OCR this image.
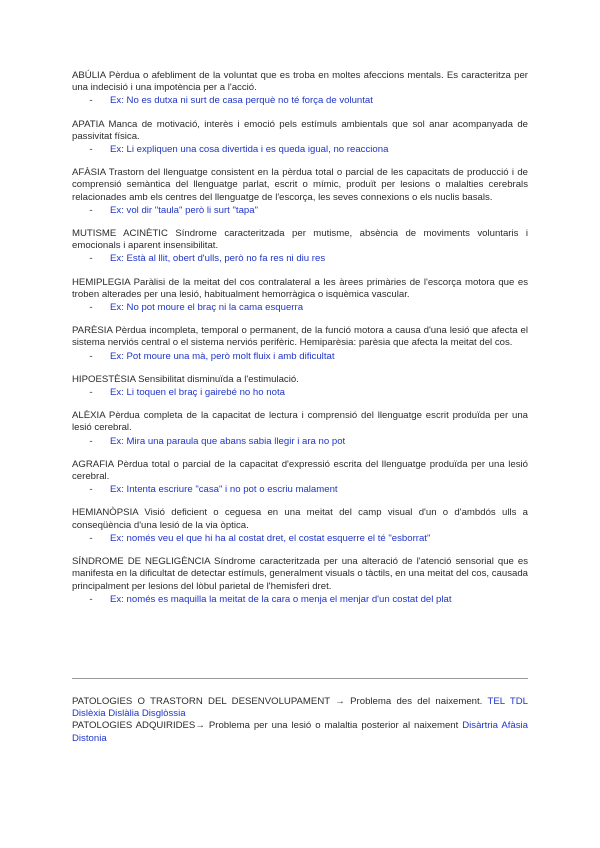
ABÚLIA Pèrdua o afebliment de la voluntat que es troba en moltes afeccions mentals. Es caracteritza per una indecisió i una impotència per a l'acció.

-	Ex: No es dutxa ni surt de casa perquè no té força de voluntat

APATIA Manca de motivació, interès i emoció pels estímuls ambientals que sol anar acompanyada de passivitat física.

-	Ex: Li expliquen una cosa divertida i es queda igual, no reacciona

AFÀSIA Trastorn del llenguatge consistent en la pèrdua total o parcial de les capacitats de producció i de comprensió semàntica del llenguatge parlat, escrit o mímic, produït per lesions o malalties cerebrals relacionades amb els centres del llenguatge de l'escorça, les seves connexions o els nuclis basals.

-	Ex: vol dir "taula" però li surt "tapa"

MUTISME ACINÈTIC Síndrome caracteritzada per mutisme, absència de moviments voluntaris i emocionals i aparent insensibilitat.

-	Ex: Està al llit, obert d'ulls, però no fa res ni diu res

HEMIPLEGIA Paràlisi de la meitat del cos contralateral a les àrees primàries de l'escorça motora que es troben alterades per una lesió, habitualment hemorràgica o isquèmica vascular.

-	Ex: No pot moure el braç ni la cama esquerra

PARÈSIA Pèrdua incompleta, temporal o permanent, de la funció motora a causa d'una lesió que afecta el sistema nerviós central o el sistema nerviós perifèric. Hemiparèsia: parèsia que afecta la meitat del cos.

-	Ex: Pot moure una mà, però molt fluix i amb dificultat

HIPOESTÈSIA Sensibilitat disminuïda a l'estimulació.

-	Ex: Li toquen el braç i gairebé no ho nota

ALÈXIA Pèrdua completa de la capacitat de lectura i comprensió del llenguatge escrit produïda per una lesió cerebral.

-	Ex: Mira una paraula que abans sabia llegir i ara no pot

AGRAFIA Pèrdua total o parcial de la capacitat d'expressió escrita del llenguatge produïda per una lesió cerebral.

-	Ex: Intenta escriure "casa" i no pot o escriu malament

HEMIANÒPSIA Visió deficient o ceguesa en una meitat del camp visual d'un o d'ambdós ulls a conseqüència d'una lesió de la via òptica.

-	Ex: només veu el que hi ha al costat dret, el costat esquerre el té "esborrat"

SÍNDROME DE NEGLIGÈNCIA Síndrome caracteritzada per una alteració de l'atenció sensorial que es manifesta en la dificultat de detectar estímuls, generalment visuals o tàctils, en una meitat del cos, causada principalment per lesions del lòbul parietal de l'hemisferi dret.

-	Ex: només es maquilla la meitat de la cara o menja el menjar d'un costat del plat

PATOLOGIES O TRASTORN DEL DESENVOLUPAMENT → Problema des del naixement. TEL TDL Dislèxia Dislàlia Disglòssia

PATOLOGIES ADQUIRIDES→ Problema per una lesió o malaltia posterior al naixement Disàrtria Afàsia Distonia
